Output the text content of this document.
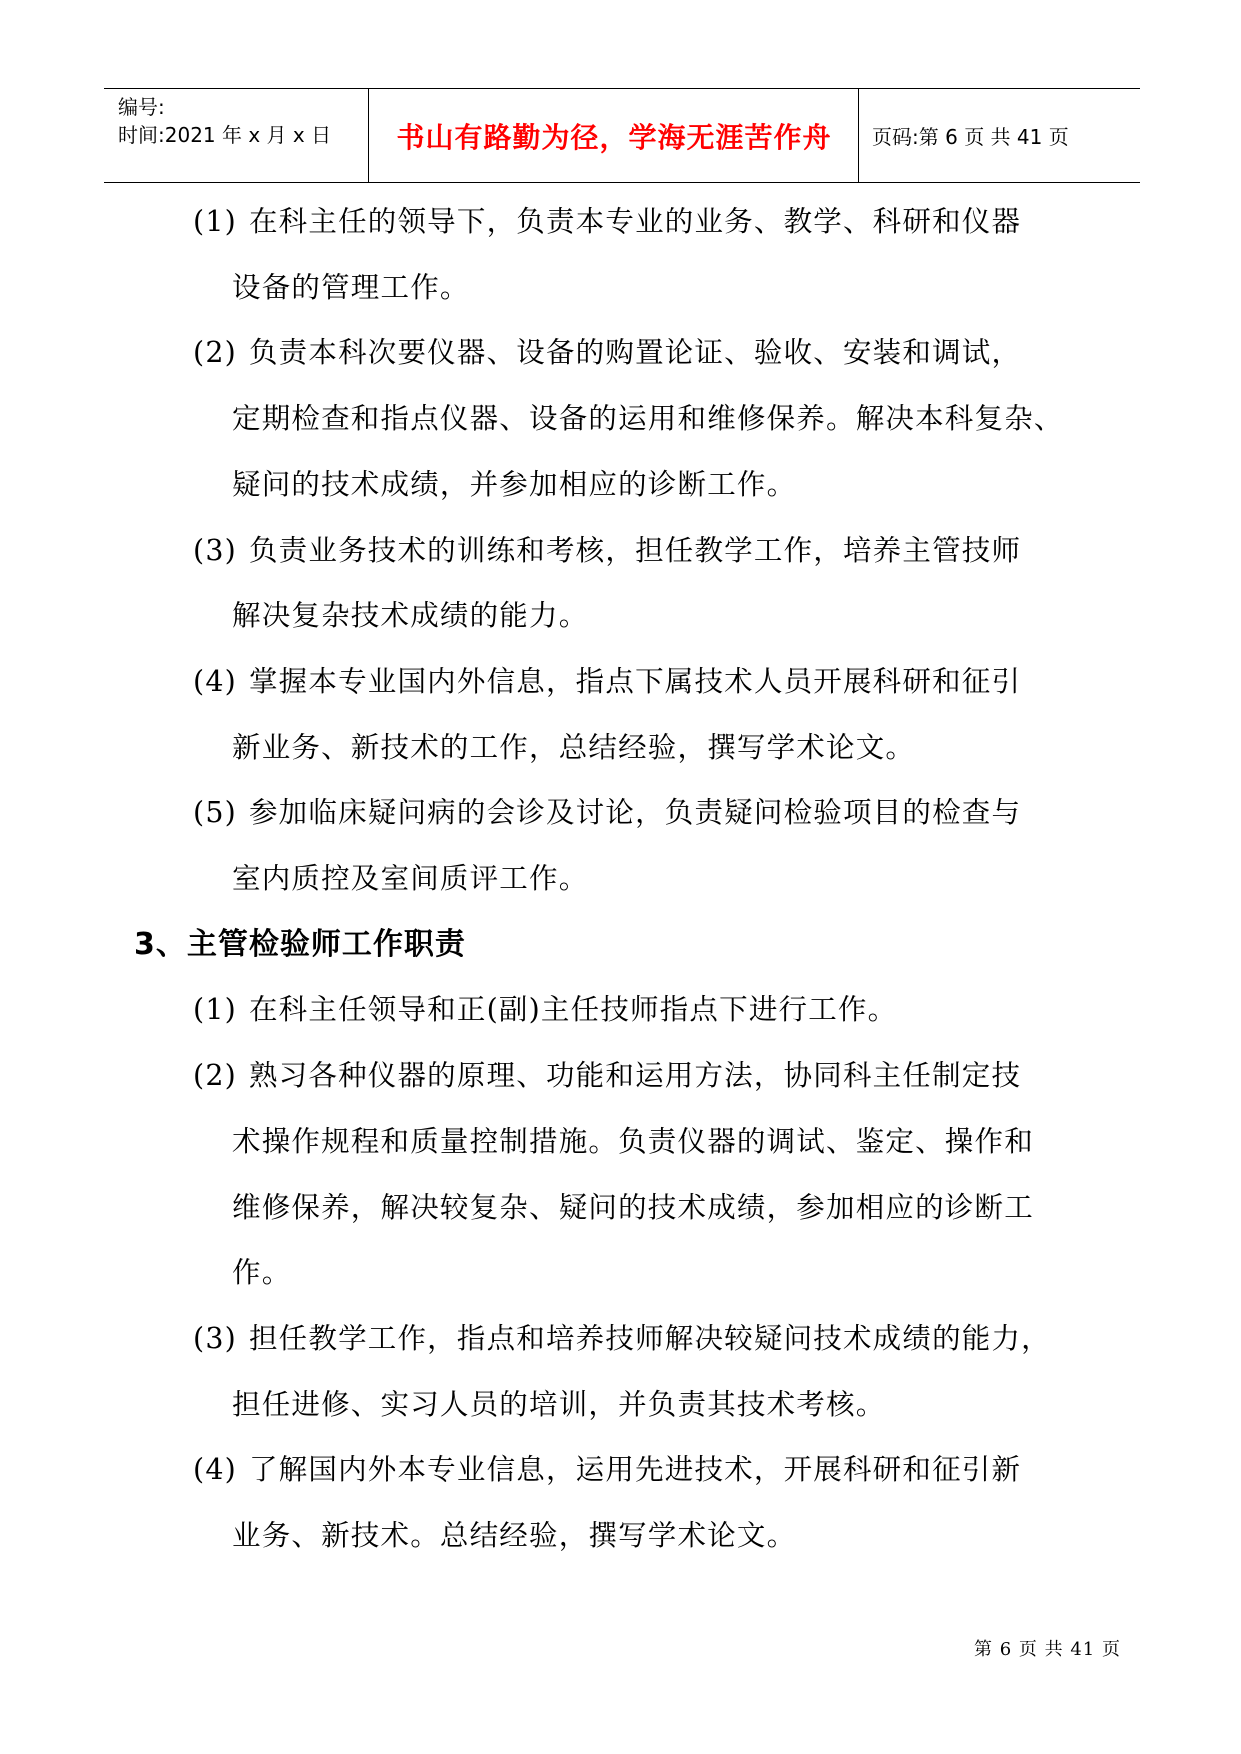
编号:
时间: 2021 年 x 月 x 日	书山有路勤为径，学海无涯苦作舟	页码: 第 6 页 共 41 页
3、主管检验师工作职责
(1) 在科主任的领导下，负责本专业的业务、教学、科研和仪器
设备的管理工作。
(2) 负责本科次要仪器、设备的购置论证、验收、安装和调试，
定期检查和指点仪器、设备的运用和维修保养。解决本科复杂、
疑问的技术成绩，并参加相应的诊断工作。
(3) 负责业务技术的训练和考核，担任教学工作，培养主管技师
解决复杂技术成绩的能力。
(4) 掌握本专业国内外信息，指点下属技术人员开展科研和征引
新业务、新技术的工作，总结经验，撰写学术论文。
(5) 参加临床疑问病的会诊及讨论，负责疑问检验项目的检查与
室内质控及室间质评工作。
(1) 在科主任领导和正(副)主任技师指点下进行工作。
(2) 熟习各种仪器的原理、功能和运用方法，协同科主任制定技
术操作规程和质量控制措施。负责仪器的调试、鉴定、操作和
维修保养，解决较复杂、疑问的技术成绩，参加相应的诊断工
作。
(3) 担任教学工作，指点和培养技师解决较疑问技术成绩的能力，
担任进修、实习人员的培训，并负责其技术考核。
(4) 了解国内外本专业信息，运用先进技术，开展科研和征引新
业务、新技术。总结经验，撰写学术论文。
第 6 页 共 41 页
